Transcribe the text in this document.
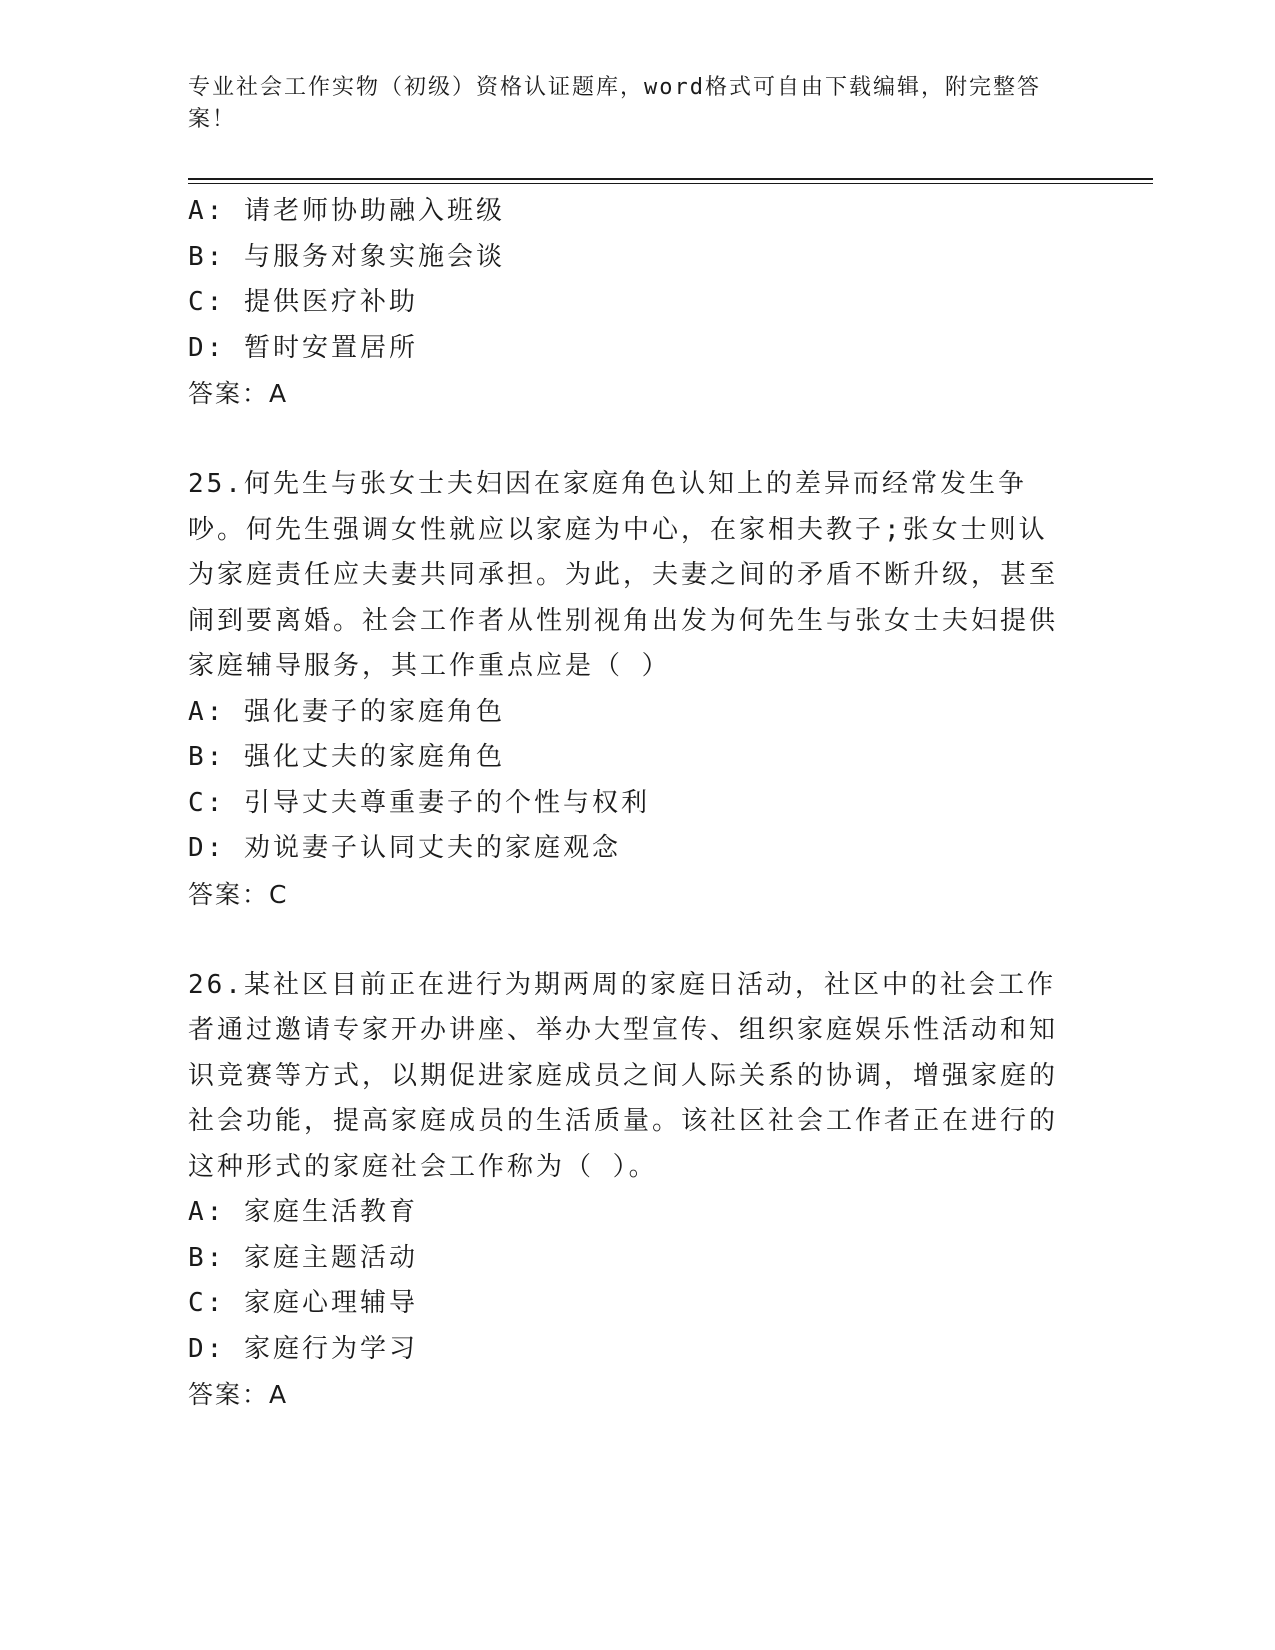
专业社会工作实物（初级）资格认证题库，word格式可自由下载编辑，附完整答案！
A: 请老师协助融入班级
B: 与服务对象实施会谈
C: 提供医疗补助
D: 暂时安置居所
答案：A
25.何先生与张女士夫妇因在家庭角色认知上的差异而经常发生争吵。何先生强调女性就应以家庭为中心，在家相夫教子;张女士则认为家庭责任应夫妻共同承担。为此，夫妻之间的矛盾不断升级，甚至闹到要离婚。社会工作者从性别视角出发为何先生与张女士夫妇提供家庭辅导服务，其工作重点应是（ ）
A: 强化妻子的家庭角色
B: 强化丈夫的家庭角色
C: 引导丈夫尊重妻子的个性与权利
D: 劝说妻子认同丈夫的家庭观念
答案：C
26.某社区目前正在进行为期两周的家庭日活动，社区中的社会工作者通过邀请专家开办讲座、举办大型宣传、组织家庭娱乐性活动和知识竞赛等方式，以期促进家庭成员之间人际关系的协调，增强家庭的社会功能，提高家庭成员的生活质量。该社区社会工作者正在进行的这种形式的家庭社会工作称为（ ）。
A: 家庭生活教育
B: 家庭主题活动
C: 家庭心理辅导
D: 家庭行为学习
答案：A
